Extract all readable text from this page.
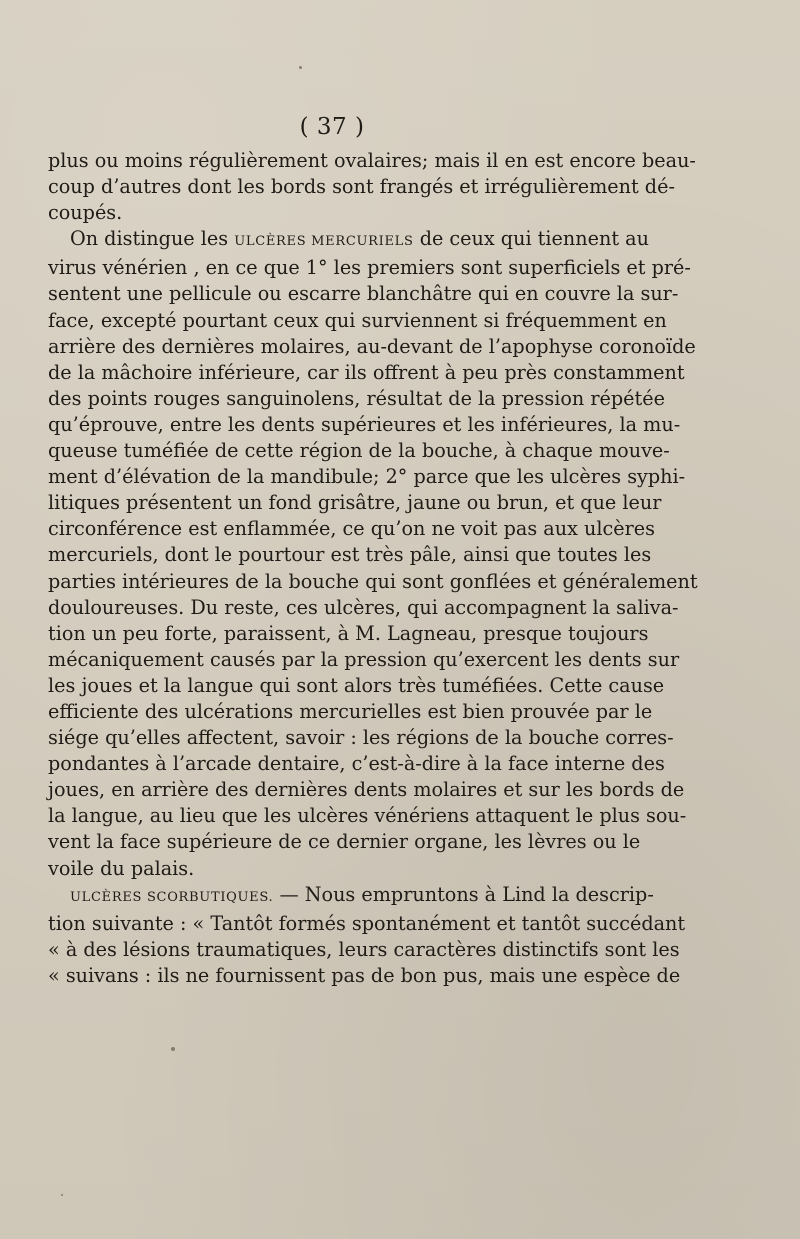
( 37 )
plus ou moins régulièrement ovalaires; mais il en est encore beau-
coup d’autres dont les bords sont frangés et irrégulièrement dé-
coupés.
On distingue les ULCÈRES MERCURIELS de ceux qui tiennent au
virus vénérien , en ce que 1° les premiers sont superficiels et pré-
sentent une pellicule ou escarre blanchâtre qui en couvre la sur-
face, excepté pourtant ceux qui surviennent si fréquemment en
arrière des dernières molaires, au-devant de l’apophyse coronoïde
de la mâchoire inférieure, car ils offrent à peu près constamment
des points rouges sanguinolens, résultat de la pression répétée
qu’éprouve, entre les dents supérieures et les inférieures, la mu-
queuse tuméfiée de cette région de la bouche, à chaque mouve-
ment d’élévation de la mandibule; 2° parce que les ulcères syphi-
litiques présentent un fond grisâtre, jaune ou brun, et que leur
circonférence est enflammée, ce qu’on ne voit pas aux ulcères
mercuriels, dont le pourtour est très pâle, ainsi que toutes les
parties intérieures de la bouche qui sont gonflées et généralement
douloureuses. Du reste, ces ulcères, qui accompagnent la saliva-
tion un peu forte, paraissent, à M. Lagneau, presque toujours
mécaniquement causés par la pression qu’exercent les dents sur
les joues et la langue qui sont alors très tuméfiées. Cette cause
efficiente des ulcérations mercurielles est bien prouvée par le
siége qu’elles affectent, savoir : les régions de la bouche corres-
pondantes à l’arcade dentaire, c’est-à-dire à la face interne des
joues, en arrière des dernières dents molaires et sur les bords de
la langue, au lieu que les ulcères vénériens attaquent le plus sou-
vent la face supérieure de ce dernier organe, les lèvres ou le
voile du palais.
ULCÈRES SCORBUTIQUES. — Nous empruntons à Lind la descrip-
tion suivante : « Tantôt formés spontanément et tantôt succédant
« à des lésions traumatiques, leurs caractères distinctifs sont les
« suivans : ils ne fournissent pas de bon pus, mais une espèce de
